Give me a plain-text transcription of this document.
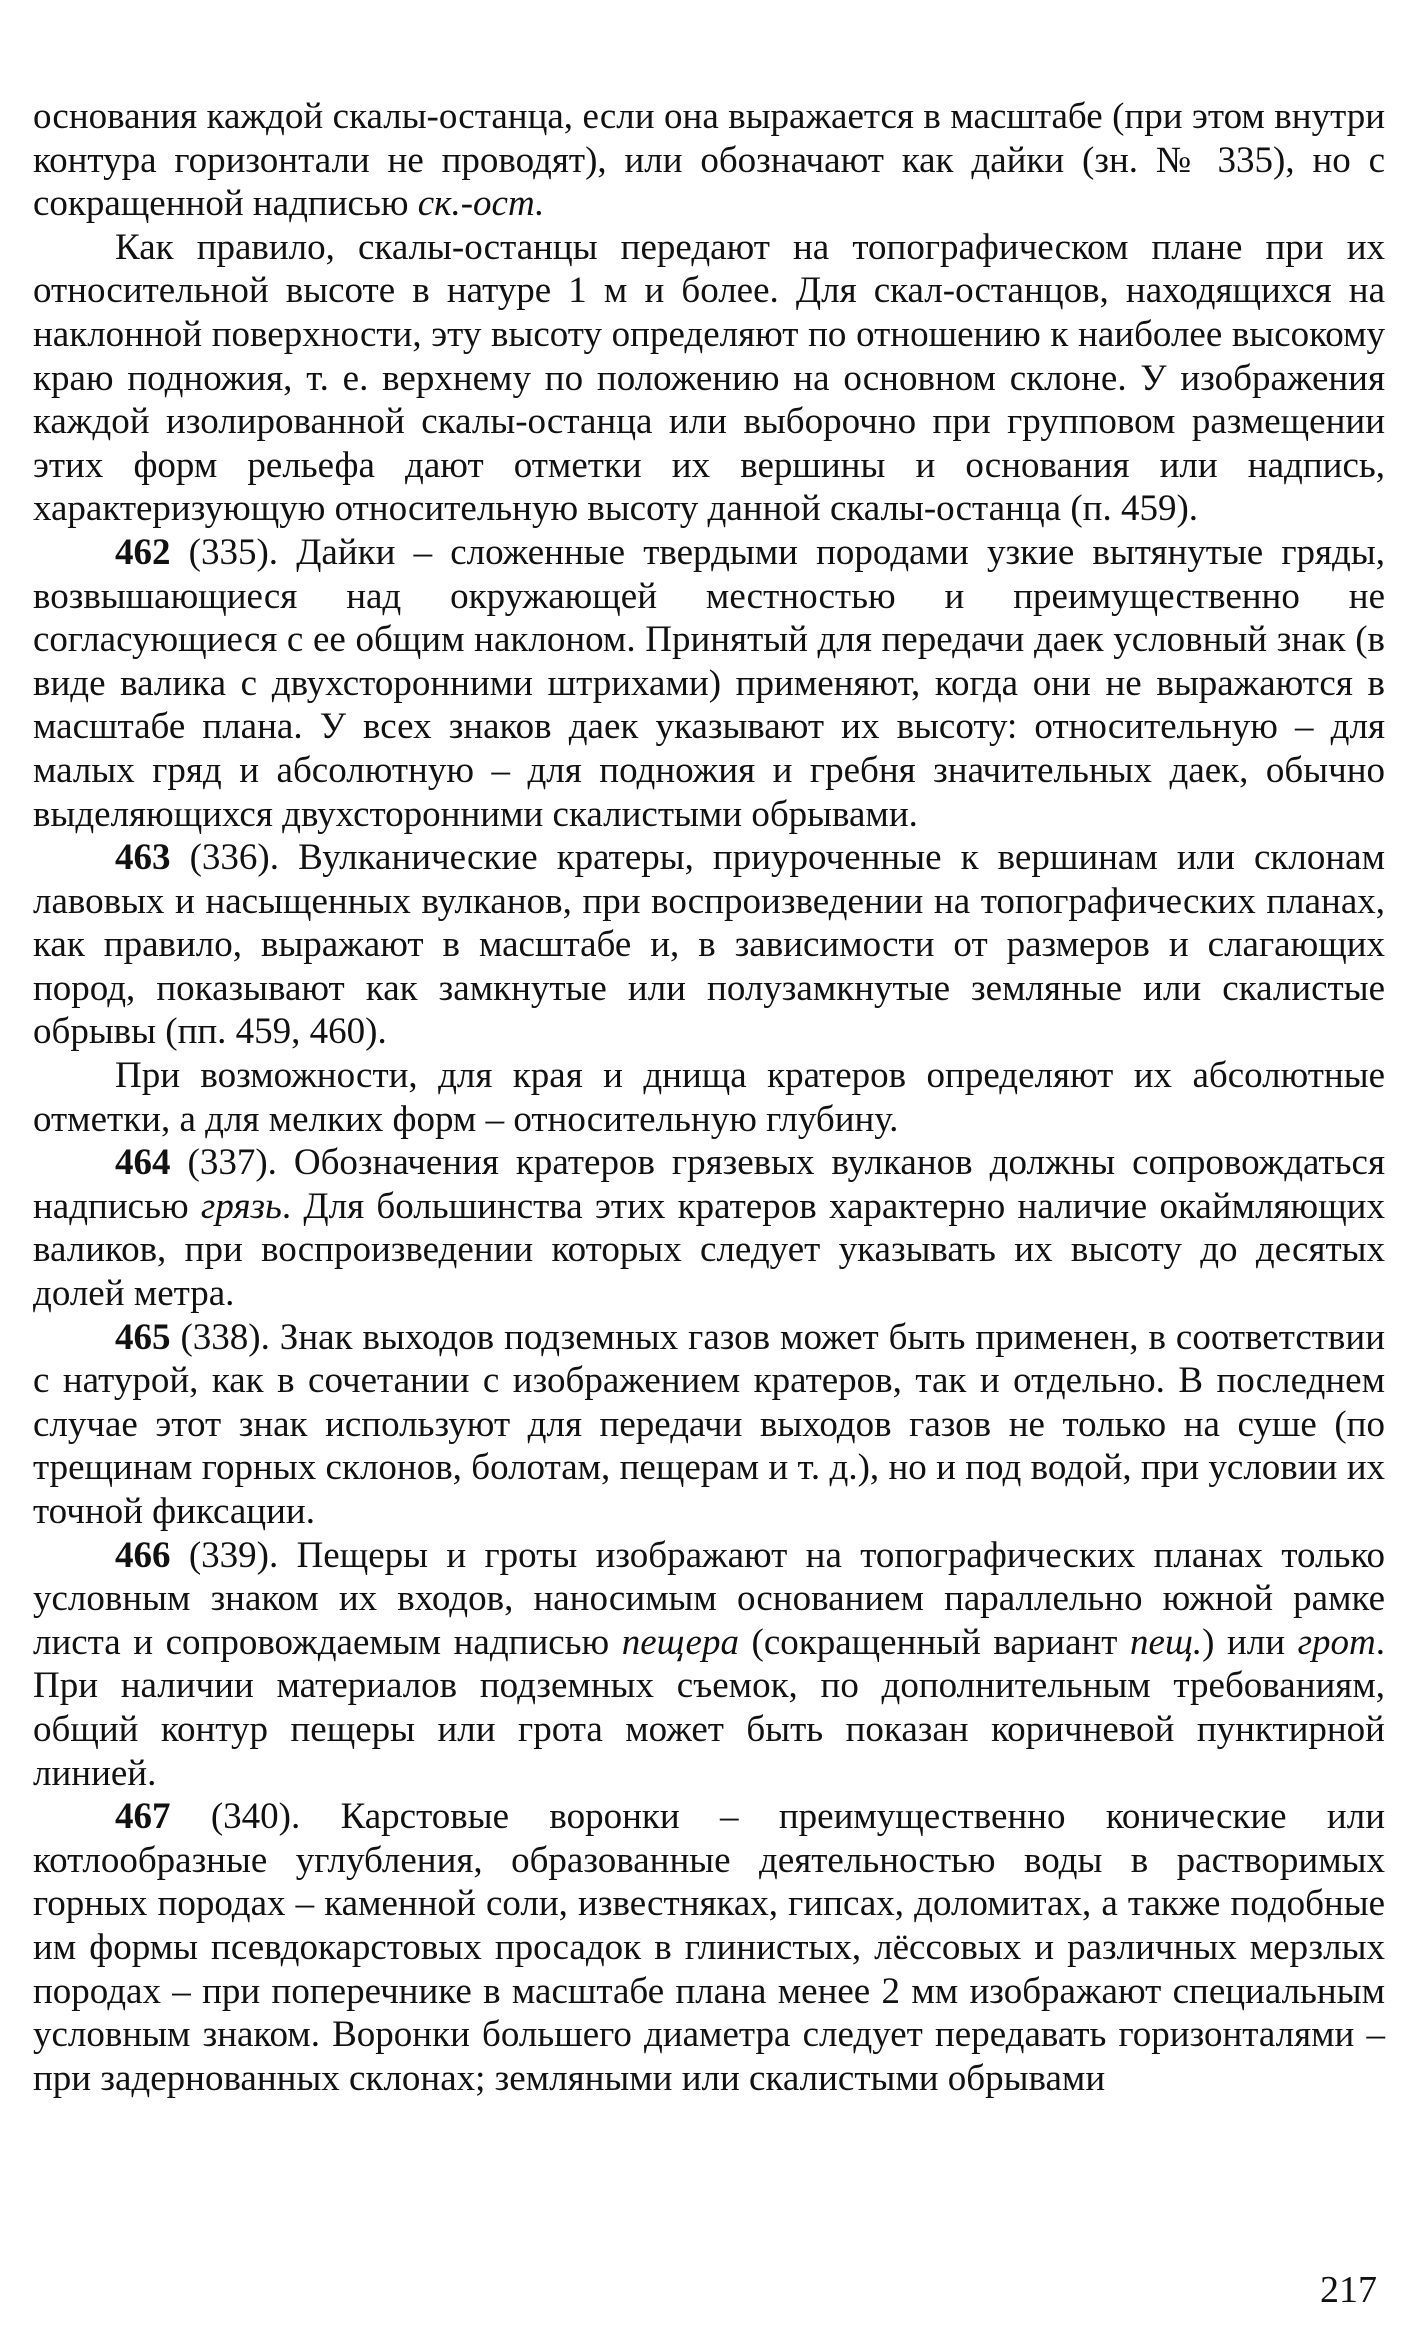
основания каждой скалы-останца, если она выражается в масштабе (при этом внутри контура горизонтали не проводят), или обозначают как дайки (зн. № 335), но с сокращенной надписью ск.-ост.

Как правило, скалы-останцы передают на топографическом плане при их относительной высоте в натуре 1 м и более. Для скал-останцов, находящихся на наклонной поверхности, эту высоту определяют по отношению к наиболее высокому краю подножия, т. е. верхнему по положению на основном склоне. У изображения каждой изолированной скалы-останца или выборочно при групповом размещении этих форм рельефа дают отметки их вершины и основания или надпись, характеризующую относительную высоту данной скалы-останца (п. 459).

462 (335). Дайки – сложенные твердыми породами узкие вытянутые гряды, возвышающиеся над окружающей местностью и преимущественно не согласующиеся с ее общим наклоном. Принятый для передачи даек условный знак (в виде валика с двухсторонними штрихами) применяют, когда они не выражаются в масштабе плана. У всех знаков даек указывают их высоту: относительную – для малых гряд и абсолютную – для подножия и гребня значительных даек, обычно выделяющихся двухсторонними скалистыми обрывами.

463 (336). Вулканические кратеры, приуроченные к вершинам или склонам лавовых и насыщенных вулканов, при воспроизведении на топографических планах, как правило, выражают в масштабе и, в зависимости от размеров и слагающих пород, показывают как замкнутые или полузамкнутые земляные или скалистые обрывы (пп. 459, 460).

При возможности, для края и днища кратеров определяют их абсолютные отметки, а для мелких форм – относительную глубину.

464 (337). Обозначения кратеров грязевых вулканов должны сопровождаться надписью грязь. Для большинства этих кратеров характерно наличие окаймляющих валиков, при воспроизведении которых следует указывать их высоту до десятых долей метра.

465 (338). Знак выходов подземных газов может быть применен, в соответствии с натурой, как в сочетании с изображением кратеров, так и отдельно. В последнем случае этот знак используют для передачи выходов газов не только на суше (по трещинам горных склонов, болотам, пещерам и т. д.), но и под водой, при условии их точной фиксации.

466 (339). Пещеры и гроты изображают на топографических планах только условным знаком их входов, наносимым основанием параллельно южной рамке листа и сопровождаемым надписью пещера (сокращенный вариант пещ.) или грот. При наличии материалов подземных съемок, по дополнительным требованиям, общий контур пещеры или грота может быть показан коричневой пунктирной линией.

467 (340). Карстовые воронки – преимущественно конические или котлообразные углубления, образованные деятельностью воды в растворимых горных породах – каменной соли, известняках, гипсах, доломитах, а также подобные им формы псевдокарстовых просадок в глинистых, лёссовых и различных мерзлых породах – при поперечнике в масштабе плана менее 2 мм изображают специальным условным знаком. Воронки большего диаметра следует передавать горизонталями – при задернованных склонах; земляными или скалистыми обрывами

217
